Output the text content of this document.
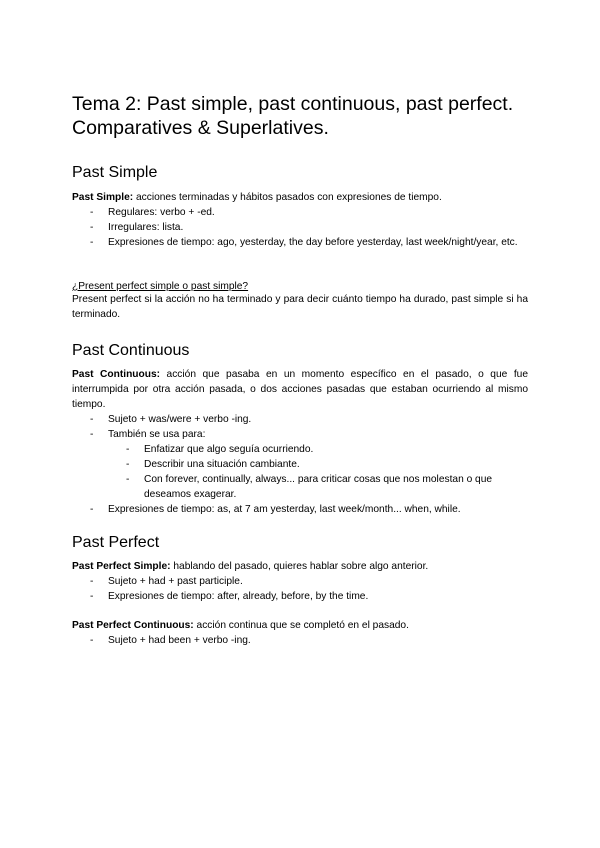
Tema 2: Past simple, past continuous, past perfect. Comparatives & Superlatives.
Past Simple

Past Simple: acciones terminadas y hábitos pasados con expresiones de tiempo.

- Regulares: verbo + -ed.
- Irregulares: lista.
- Expresiones de tiempo: ago, yesterday, the day before yesterday, last week/night/year, etc.

¿Present perfect simple o past simple?

Present perfect si la acción no ha terminado y para decir cuánto tiempo ha durado, past simple si ha terminado.

Past Continuous

Past Continuous: acción que pasaba en un momento específico en el pasado, o que fue interrumpida por otra acción pasada, o dos acciones pasadas que estaban ocurriendo al mismo tiempo.

- Sujeto + was/were + verbo -ing.
- También se usa para:
- Enfatizar que algo seguía ocurriendo.
- Describir una situación cambiante.
- Con forever, continually, always... para criticar cosas que nos molestan o que deseamos exagerar.
- Expresiones de tiempo: as, at 7 am yesterday, last week/month... when, while.
Past Perfect

Past Perfect Simple: hablando del pasado, quieres hablar sobre algo anterior.

- Sujeto + had + past participle.
- Expresiones de tiempo: after, already, before, by the time.

Past Perfect Continuous: acción continua que se completó en el pasado.

- Sujeto + had been + verbo -ing.
